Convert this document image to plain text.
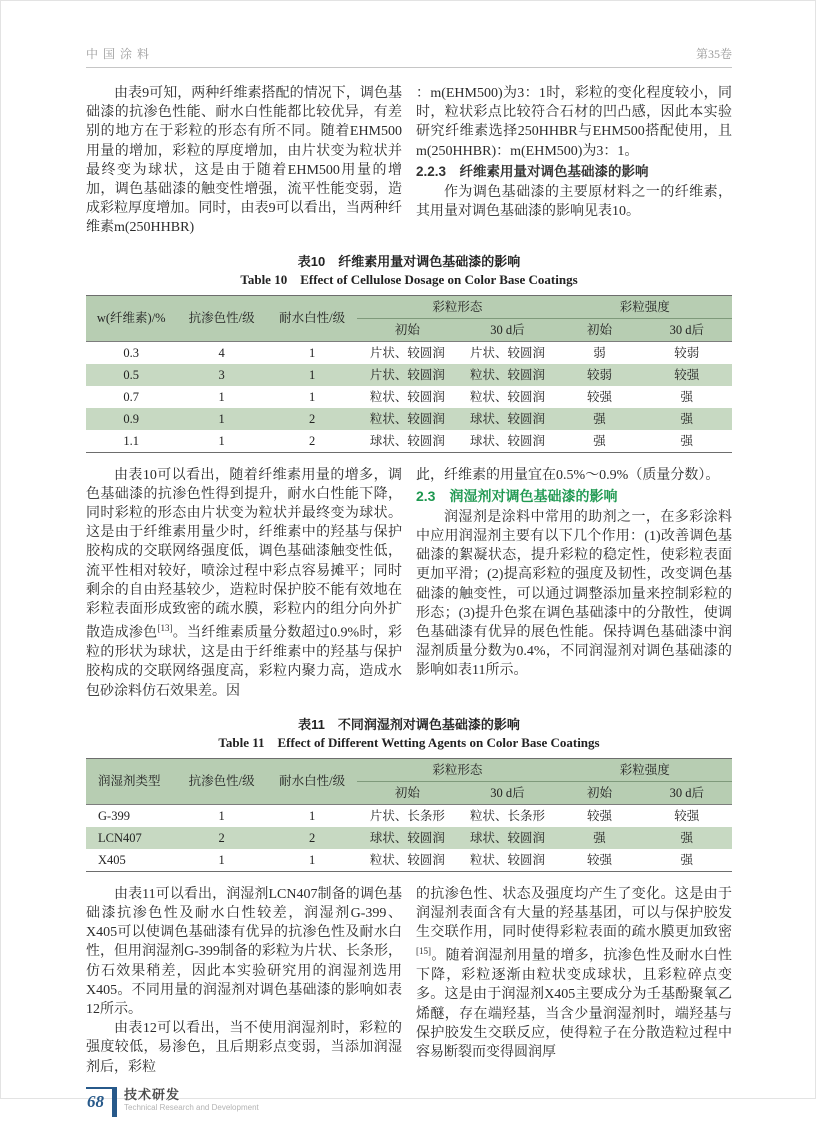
中国涂料	第35卷

由表9可知，两种纤维素搭配的情况下，调色基础漆的抗渗色性能、耐水白性能都比较优异，有差别的地方在于彩粒的形态有所不同。随着EHM500用量的增加，彩粒的厚度增加，由片状变为粒状并最终变为球状，这是由于随着EHM500用量的增加，调色基础漆的触变性增强，流平性能变弱，造成彩粒厚度增加。同时，由表9可以看出，当两种纤维素m(250HHBR)

：m(EHM500)为3：1时，彩粒的变化程度较小，同时，粒状彩点比较符合石材的凹凸感，因此本实验研究纤维素选择250HHBR与EHM500搭配使用，且m(250HHBR)：m(EHM500)为3：1。

2.2.3　纤维素用量对调色基础漆的影响

作为调色基础漆的主要原材料之一的纤维素，其用量对调色基础漆的影响见表10。

表10　纤维素用量对调色基础漆的影响
Table 10　Effect of Cellulose Dosage on Color Base Coatings
w(纤维素)/%	抗渗色性/级	耐水白性/级	彩粒形态		彩粒强度	
			初始	30 d后	初始	30 d后
0.3	4	1	片状、较圆润	片状、较圆润	弱	较弱
0.5	3	1	片状、较圆润	粒状、较圆润	较弱	较强
0.7	1	1	粒状、较圆润	粒状、较圆润	较强	强
0.9	1	2	粒状、较圆润	球状、较圆润	强	强
1.1	1	2	球状、较圆润	球状、较圆润	强	强

由表10可以看出，随着纤维素用量的增多，调色基础漆的抗渗色性得到提升，耐水白性能下降，同时彩粒的形态由片状变为粒状并最终变为球状。这是由于纤维素用量少时，纤维素中的羟基与保护胶构成的交联网络强度低，调色基础漆触变性低，流平性相对较好，喷涂过程中彩点容易摊平；同时剩余的自由羟基较少，造粒时保护胶不能有效地在彩粒表面形成致密的疏水膜，彩粒内的组分向外扩散造成渗色[13]。当纤维素质量分数超过0.9%时，彩粒的形状为球状，这是由于纤维素中的羟基与保护胶构成的交联网络强度高，彩粒内聚力高，造成水包砂涂料仿石效果差。因

此，纤维素的用量宜在0.5%～0.9%（质量分数）。

2.3　润湿剂对调色基础漆的影响

润湿剂是涂料中常用的助剂之一，在多彩涂料中应用润湿剂主要有以下几个作用：(1)改善调色基础漆的絮凝状态，提升彩粒的稳定性，使彩粒表面更加平滑；(2)提高彩粒的强度及韧性，改变调色基础漆的触变性，可以通过调整添加量来控制彩粒的形态；(3)提升色浆在调色基础漆中的分散性，使调色基础漆有优异的展色性能。保持调色基础漆中润湿剂质量分数为0.4%，不同润湿剂对调色基础漆的影响如表11所示。

表11　不同润湿剂对调色基础漆的影响
Table 11　Effect of Different Wetting Agents on Color Base Coatings
润湿剂类型	抗渗色性/级	耐水白性/级	彩粒形态		彩粒强度	
			初始	30 d后	初始	30 d后
G-399	1	1	片状、长条形	粒状、长条形	较强	较强
LCN407	2	2	球状、较圆润	球状、较圆润	强	强
X405	1	1	粒状、较圆润	粒状、较圆润	较强	强

由表11可以看出，润湿剂LCN407制备的调色基础漆抗渗色性及耐水白性较差，润湿剂G-399、X405可以使调色基础漆有优异的抗渗色性及耐水白性，但用润湿剂G-399制备的彩粒为片状、长条形，仿石效果稍差，因此本实验研究用的润湿剂选用X405。不同用量的润湿剂对调色基础漆的影响如表12所示。

由表12可以看出，当不使用润湿剂时，彩粒的强度较低，易渗色，且后期彩点变弱，当添加润湿剂后，彩粒

的抗渗色性、状态及强度均产生了变化。这是由于润湿剂表面含有大量的羟基基团，可以与保护胶发生交联作用，同时使得彩粒表面的疏水膜更加致密[15]。随着润湿剂用量的增多，抗渗色性及耐水白性下降，彩粒逐渐由粒状变成球状，且彩粒碎点变多。这是由于润湿剂X405主要成分为壬基酚聚氧乙烯醚，存在端羟基，当含少量润湿剂时，端羟基与保护胶发生交联反应，使得粒子在分散造粒过程中容易断裂而变得圆润厚

68	技术研发
Technical Research and Development
